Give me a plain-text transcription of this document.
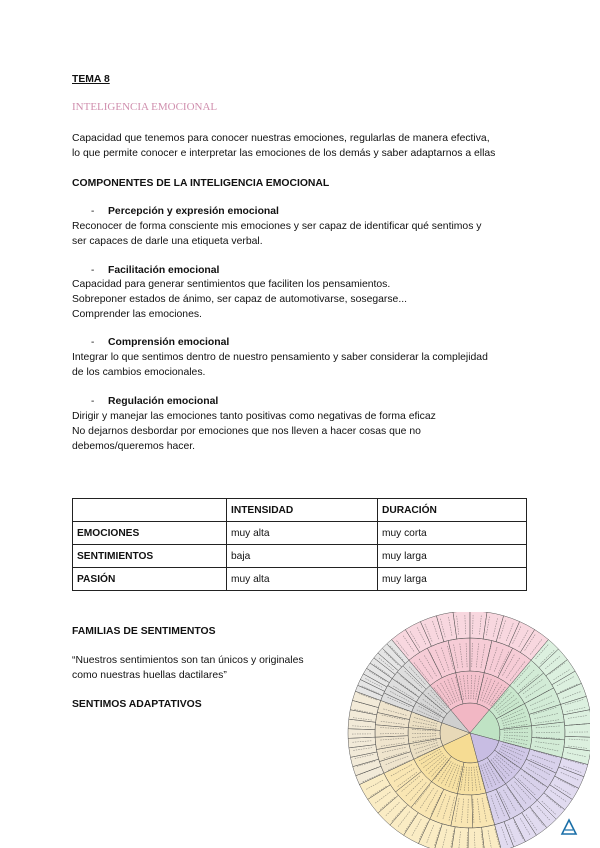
TEMA 8
INTELIGENCIA EMOCIONAL
Capacidad que tenemos para conocer nuestras emociones, regularlas de manera efectiva,
lo que permite conocer e interpretar las emociones de los demás y saber adaptarnos a ellas
COMPONENTES DE LA INTELIGENCIA EMOCIONAL
- Percepción y expresión emocional
Reconocer de forma consciente mis emociones y ser capaz de identificar qué sentimos y
ser capaces de darle una etiqueta verbal.
- Facilitación emocional
Capacidad para generar sentimientos que faciliten los pensamientos.
Sobreponer estados de ánimo, ser capaz de automotivarse, sosegarse...
Comprender las emociones.
- Comprensión emocional
Integrar lo que sentimos dentro de nuestro pensamiento y saber considerar la complejidad
de los cambios emocionales.
- Regulación emocional
Dirigir y manejar las emociones tanto positivas como negativas de forma eficaz
No dejarnos desbordar por emociones que nos lleven a hacer cosas que no
debemos/queremos hacer.
	INTENSIDAD	DURACIÓN
EMOCIONES	muy alta	muy corta
SENTIMIENTOS	baja	muy larga
PASIÓN	muy alta	muy larga
FAMILIAS DE SENTIMENTOS
“Nuestros sentimientos son tan únicos y originales
como nuestras huellas dactilares”
SENTIMOS ADAPTATIVOS
